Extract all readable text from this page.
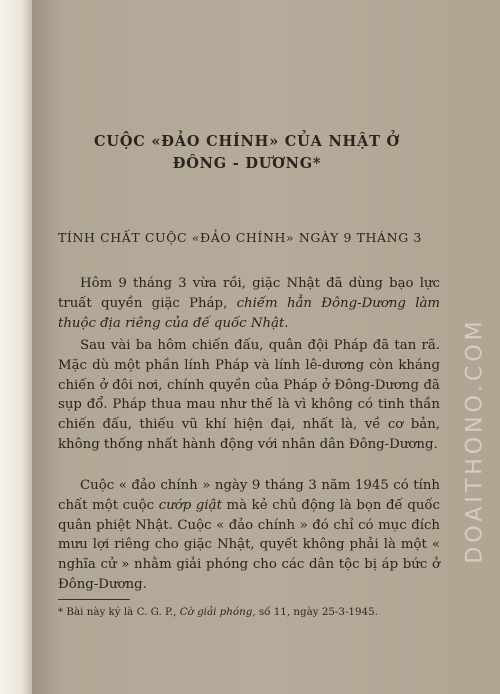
DOAITHONO.COM
CUỘC «ĐẢO CHÍNH» CỦA NHẬT Ở
ĐÔNG - DƯƠNG*
TÍNH CHẤT CUỘC «ĐẢO CHÍNH» NGÀY 9 THÁNG 3

Hôm 9 tháng 3 vừa rồi, giặc Nhật đã dùng bạo lực truất quyền giặc Pháp, chiếm hẳn Đông-Dương làm thuộc địa riêng của đế quốc Nhật.

Sau vài ba hôm chiến đấu, quân đội Pháp đã tan rã. Mặc dù một phần lính Pháp và lính lê-dương còn kháng chiến ở đôi nơi, chính quyền của Pháp ở Đông-Dương đã sụp đổ. Pháp thua mau như thế là vì không có tinh thần chiến đấu, thiếu vũ khí hiện đại, nhất là, về cơ bản, không thống nhất hành động với nhân dân Đông-Dương.

Cuộc « đảo chính » ngày 9 tháng 3 năm 1945 có tính chất một cuộc cướp giật mà kẻ chủ động là bọn đế quốc quân phiệt Nhật. Cuộc « đảo chính » đó chỉ có mục đích mưu lợi riêng cho giặc Nhật, quyết không phải là một « nghĩa cử » nhằm giải phóng cho các dân tộc bị áp bức ở Đông-Dương.

* Bài này ký là C. G. P., Cờ giải phóng, số 11, ngày 25-3-1945.
